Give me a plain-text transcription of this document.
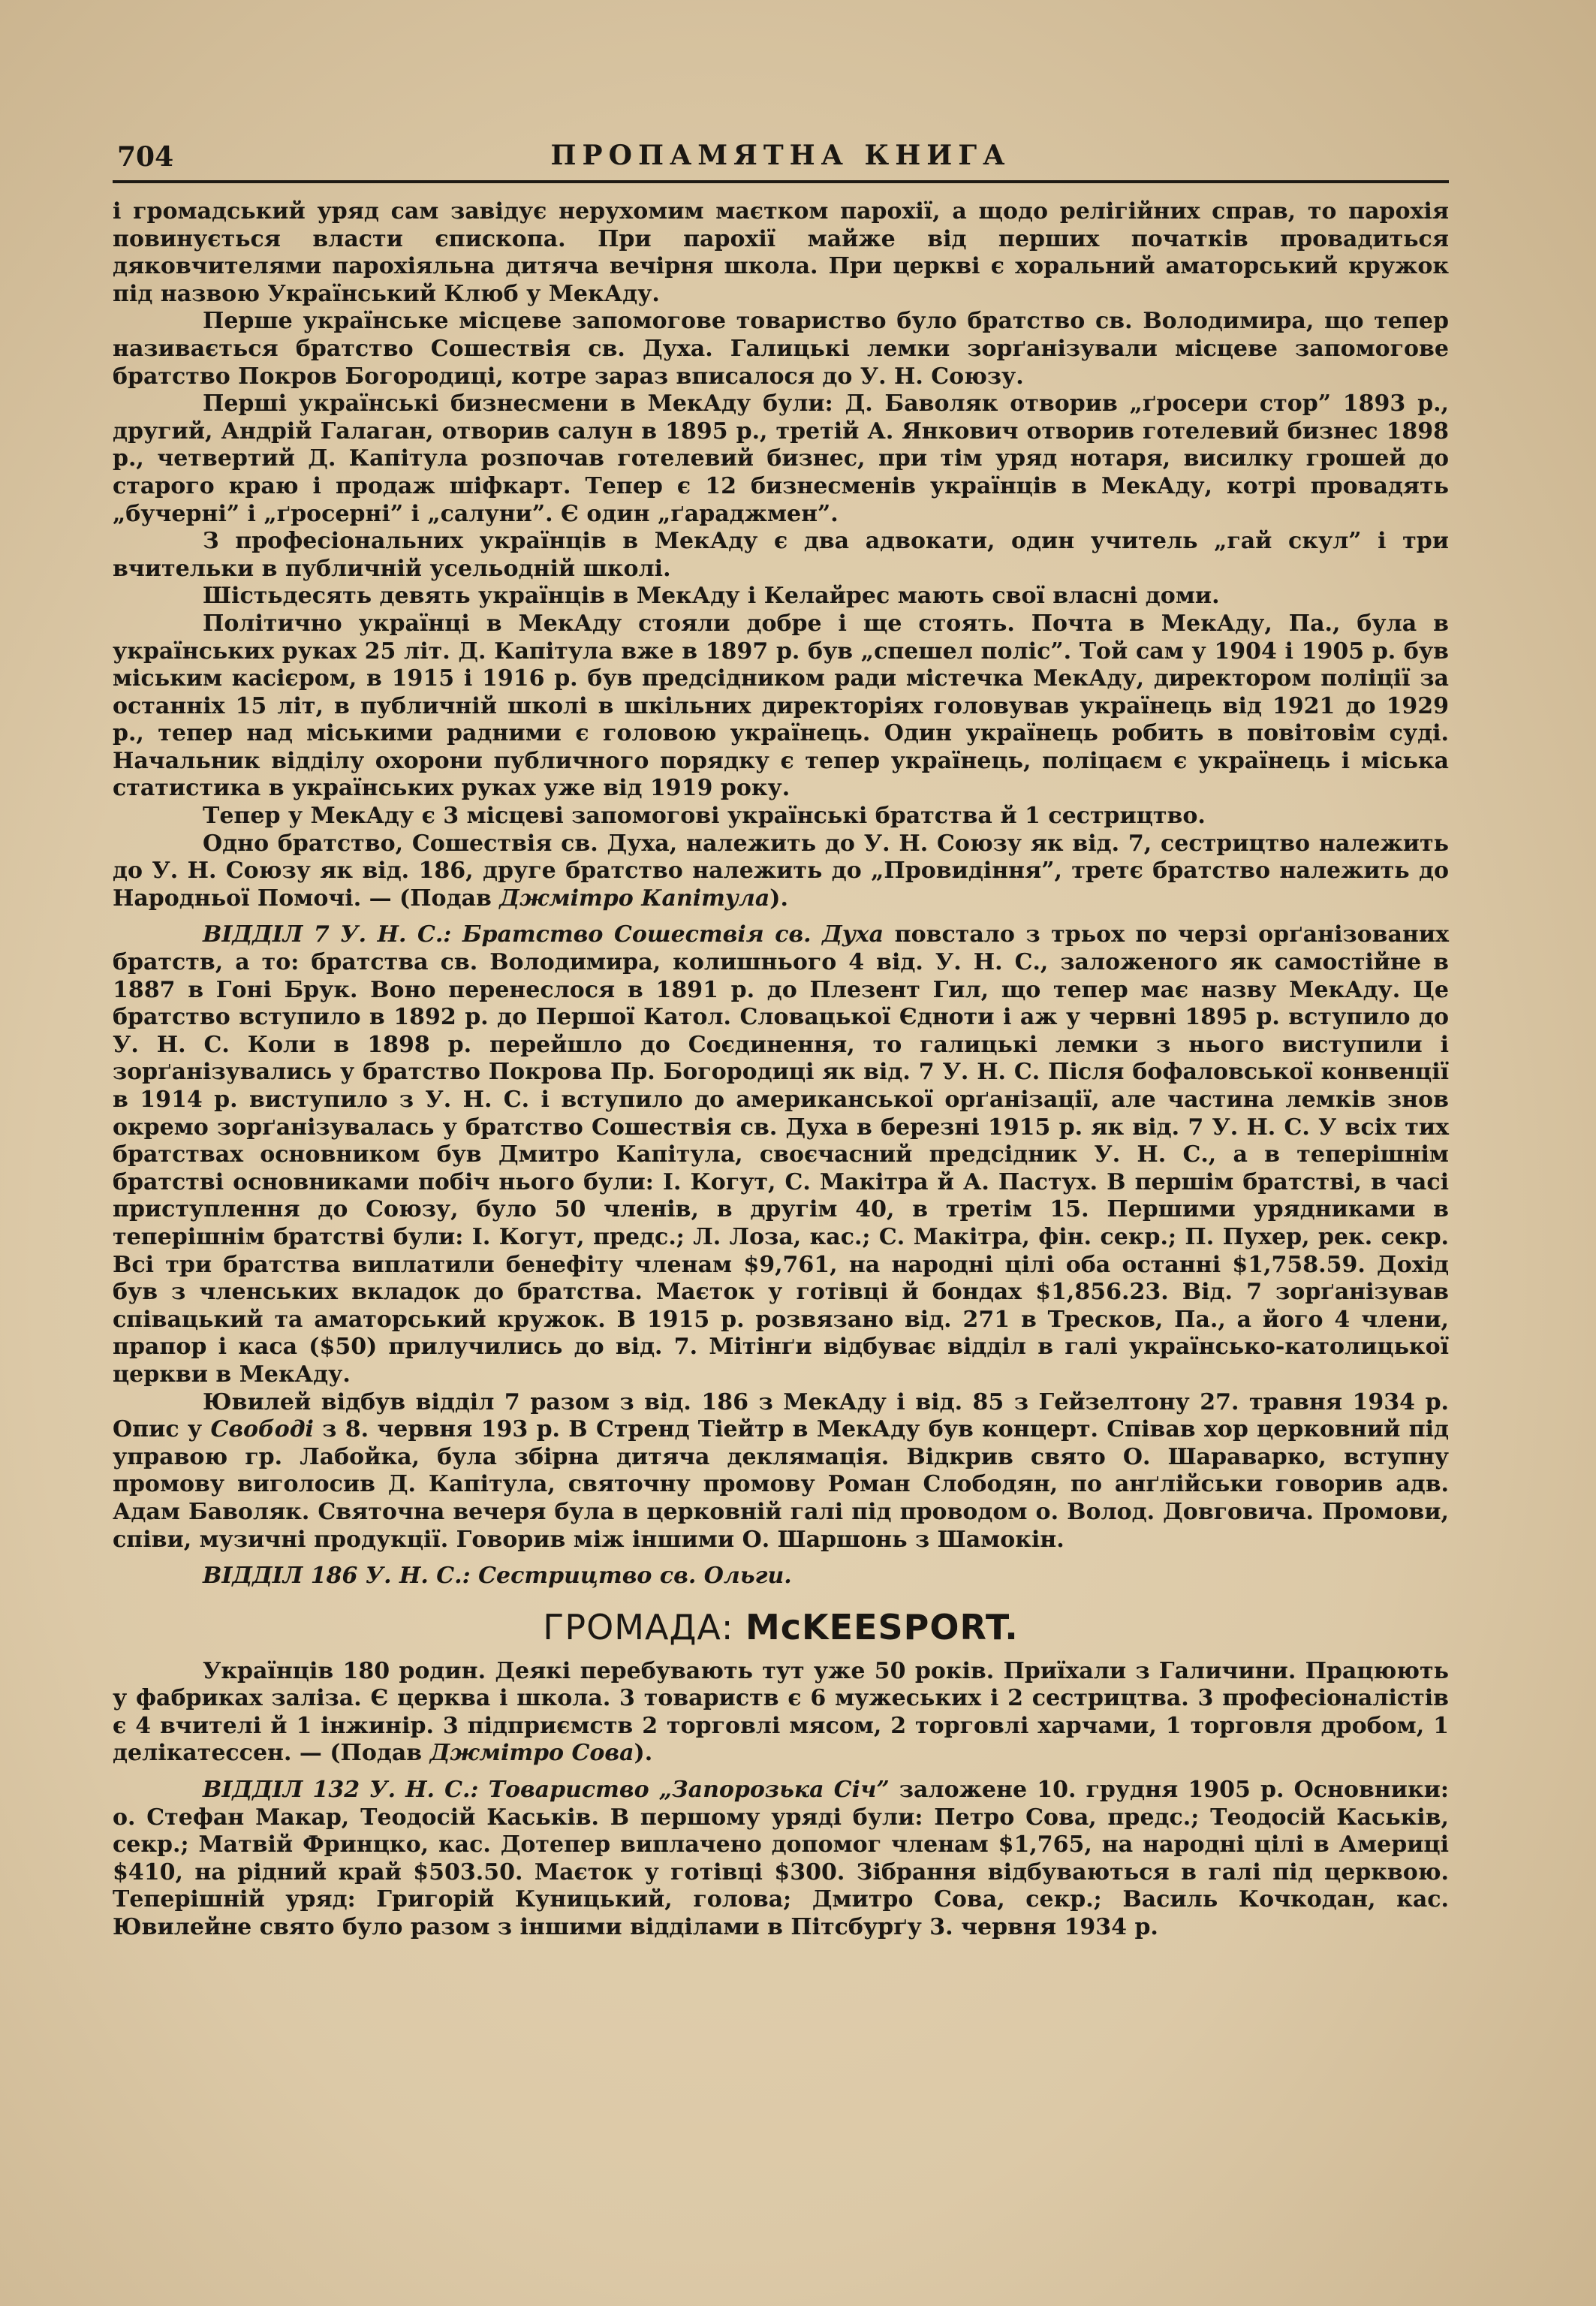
704	ПРОПАМЯТНА КНИГА

і громадський уряд сам завідує нерухомим маєтком парохії, а щодо релігійних справ, то парохія повинується власти єпископа. При парохії майже від перших початків провадиться дяковчителями парохіяльна дитяча вечірня школа. При церкві є хоральний аматорський кружок під назвою Український Клюб у МекАду.

Перше українське місцеве запомогове товариство було братство св. Володимира, що тепер називається братство Сошествія св. Духа. Галицькі лемки зорґанізували місцеве запомогове братство Покров Богородиці, котре зараз вписалося до У. Н. Союзу.

Перші українські бизнесмени в МекАду були: Д. Баволяк отворив „ґросери стор” 1893 р., другий, Андрій Галаган, отворив салун в 1895 р., третій А. Янкович отворив готелевий бизнес 1898 р., четвертий Д. Капітула розпочав готелевий бизнес, при тім уряд нотаря, висилку грошей до старого краю і продаж шіфкарт. Тепер є 12 бизнесменів українців в МекАду, котрі провадять „бучерні” і „ґросерні” і „салуни”. Є один „ґараджмен”.

З професіональних українців в МекАду є два адвокати, один учитель „гай скул” і три вчительки в публичній усельодній школі.

Шістьдесять девять українців в МекАду і Келайрес мають свої власні доми.

Політично українці в МекАду стояли добре і ще стоять. Почта в МекАду, Па., була в українських руках 25 літ. Д. Капітула вже в 1897 р. був „спешел поліс”. Той сам у 1904 і 1905 р. був міським касієром, в 1915 і 1916 р. був предсідником ради містечка МекАду, директором поліції за останніх 15 літ, в публичній школі в шкільних директоріях головував українець від 1921 до 1929 р., тепер над міськими радними є головою українець. Один українець робить в повітовім суді. Начальник відділу охорони публичного порядку є тепер українець, поліцаєм є українець і міська статистика в українських руках уже від 1919 року.

Тепер у МекАду є 3 місцеві запомогові українські братства й 1 сестрицтво.

Одно братство, Сошествія св. Духа, належить до У. Н. Союзу як від. 7, сестрицтво належить до У. Н. Союзу як від. 186, друге братство належить до „Провидіння”, третє братство належить до Народньої Помочі. — (Подав Джмітро Капітула).

ВІДДІЛ 7 У. Н. С.: Братство Сошествія св. Духа повстало з трьох по черзі орґанізованих братств, а то: братства св. Володимира, колишнього 4 від. У. Н. С., заложеного як самостійне в 1887 в Гоні Брук. Воно перенеслося в 1891 р. до Плезент Гил, що тепер має назву МекАду. Це братство вступило в 1892 р. до Першої Катол. Словацької Єдноти і аж у червні 1895 р. вступило до У. Н. С. Коли в 1898 р. перейшло до Соєдинення, то галицькі лемки з нього виступили і зорґанізувались у братство Покрова Пр. Богородиці як від. 7 У. Н. С. Після бофаловської конвенції в 1914 р. виступило з У. Н. С. і вступило до американської орґанізації, але частина лемків знов окремо зорґанізувалась у братство Сошествія св. Духа в березні 1915 р. як від. 7 У. Н. С. У всіх тих братствах основником був Дмитро Капітула, своєчасний предсідник У. Н. С., а в теперішнім братстві основниками побіч нього були: І. Когут, С. Макітра й А. Пастух. В першім братстві, в часі приступлення до Союзу, було 50 членів, в другім 40, в третім 15. Першими урядниками в теперішнім братстві були: І. Когут, предс.; Л. Лоза, кас.; С. Макітра, фін. секр.; П. Пухер, рек. секр. Всі три братства виплатили бенефіту членам $9,761, на народні цілі оба останні $1,758.59. Дохід був з членських вкладок до братства. Маєток у готівці й бондах $1,856.23. Від. 7 зорґанізував співацький та аматорський кружок. В 1915 р. розвязано від. 271 в Тресков, Па., а його 4 члени, прапор і каса ($50) прилучились до від. 7. Мітінґи відбуває відділ в галі українсько-католицької церкви в МекАду.

Ювилей відбув відділ 7 разом з від. 186 з МекАду і від. 85 з Гейзелтону 27. травня 1934 р. Опис у Свободі з 8. червня 193 р. В Стренд Тіейтр в МекАду був концерт. Співав хор церковний під управою гр. Лабойка, була збірна дитяча деклямація. Відкрив свято О. Шараварко, вступну промову виголосив Д. Капітула, святочну промову Роман Слободян, по анґлійськи говорив адв. Адам Баволяк. Святочна вечеря була в церковній галі під проводом о. Волод. Довговича. Промови, співи, музичні продукції. Говорив між іншими О. Шаршонь з Шамокін.

ВІДДІЛ 186 У. Н. С.: Сестрицтво св. Ольги.

ГРОМАДА: McKEESPORT.

Українців 180 родин. Деякі перебувають тут уже 50 років. Приїхали з Галичини. Працюють у фабриках заліза. Є церква і школа. 3 товариств є 6 мужеських і 2 сестрицтва. 3 професіоналістів є 4 вчителі й 1 інжинір. 3 підприємств 2 торговлі мясом, 2 торговлі харчами, 1 торговля дробом, 1 делікатессен. — (Подав Джмітро Сова).

ВІДДІЛ 132 У. Н. С.: Товариство „Запорозька Січ” заложене 10. грудня 1905 р. Основники: о. Стефан Макар, Теодосій Каськів. В першому уряді були: Петро Сова, предс.; Теодосій Каськів, секр.; Матвій Фринцко, кас. Дотепер виплачено допомог членам $1,765, на народні цілі в Америці $410, на рідний край $503.50. Маєток у готівці $300. Зібрання відбуваються в галі під церквою. Теперішній уряд: Григорій Куницький, голова; Дмитро Сова, секр.; Василь Кочкодан, кас. Ювилейне свято було разом з іншими відділами в Пітсбурґу 3. червня 1934 р.
